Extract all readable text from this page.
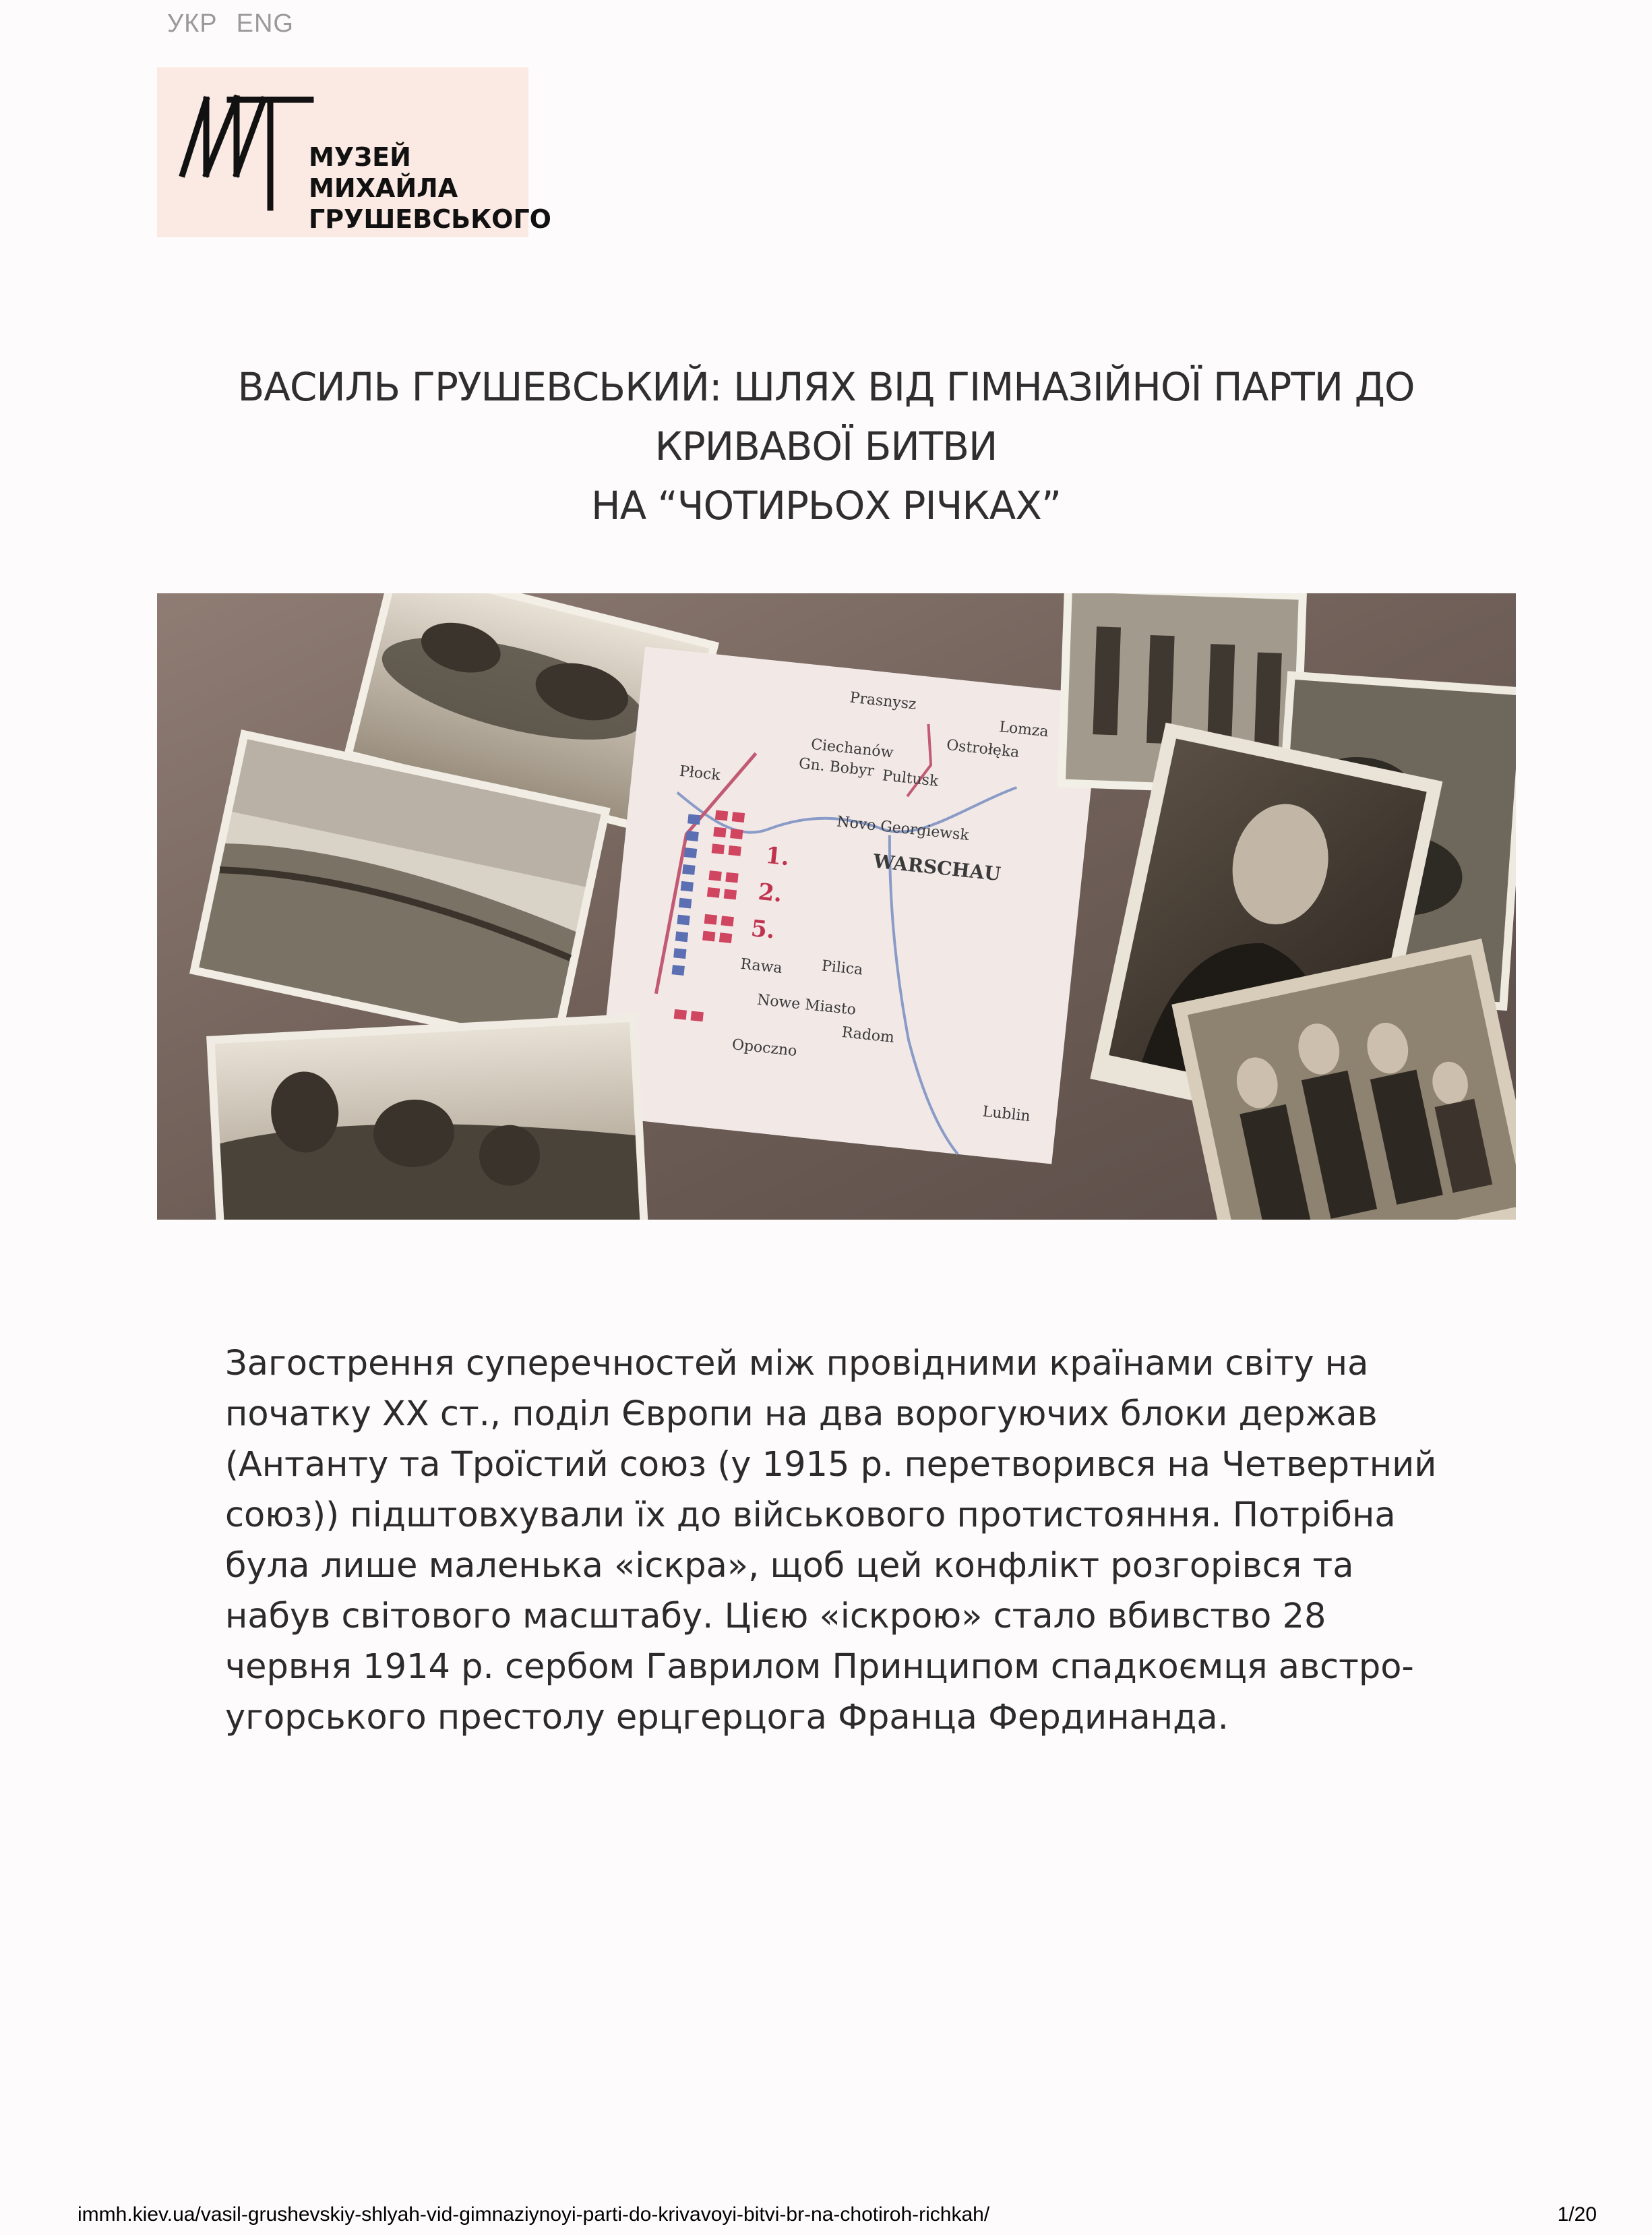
УКР ENG
МУЗЕЙ
МИХАЙЛА
ГРУШЕВСЬКОГО
ВАСИЛЬ ГРУШЕВСЬКИЙ: ШЛЯХ ВІД ГІМНАЗІЙНОЇ ПАРТИ ДО
КРИВАВОЇ БИТВИ
НА “ЧОТИРЬОХ РІЧКАХ”
Płock
WARSCHAU
Lomza
Prasnysz
Ostrołęka
Ciechanów
Pultusk
Novo Georgiewsk
Gn. Bobyr
Rawa
Radom
Lublin
Pilica
Nowe Miasto
Opoczno
1.
2.
5.
Загострення суперечностей між провідними країнами світу на
початку XX ст., поділ Європи на два ворогуючих блоки держав
(Антанту та Троїстий союз (у 1915 р. перетворився на Четвертний
союз)) підштовхували їх до військового протистояння. Потрібна
була лише маленька «іскра», щоб цей конфлікт розгорівся та
набув світового масштабу. Цією «іскрою» стало вбивство 28
червня 1914 р. сербом Гаврилом Принципом спадкоємця австро-
угорського престолу ерцгерцога Франца Фердинанда.
immh.kiev.ua/vasil-grushevskiy-shlyah-vid-gimnaziynoyi-parti-do-krivavoyi-bitvi-br-na-chotiroh-richkah/	1/20
